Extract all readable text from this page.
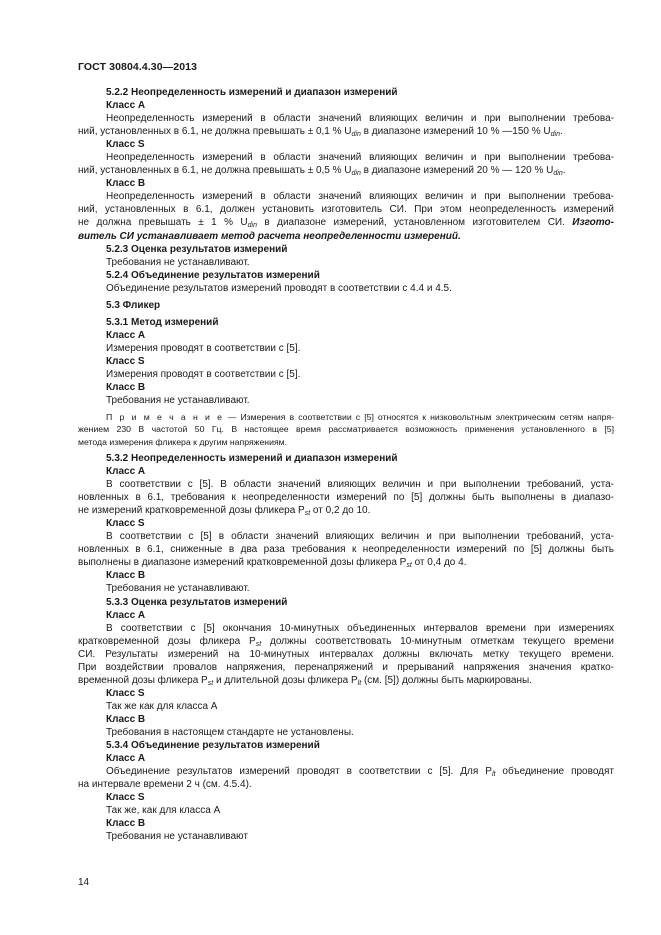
ГОСТ 30804.4.30—2013

5.2.2 Неопределенность измерений и диапазон измерений

Класс А

Неопределенность измерений в области значений влияющих величин и при выполнении требова-

ний, установленных в 6.1, не должна превышать ± 0,1 % $U_{din}$ в диапазоне измерений 10 % —150 % $U_{din}$.

Класс S

Неопределенность измерений в области значений влияющих величин и при выполнении требова-

ний, установленных в 6.1, не должна превышать ± 0,5 % $U_{din}$ в диапазоне измерений 20 % — 120 % $U_{din}$.

Класс В

Неопределенность измерений в области значений влияющих величин и при выполнении требова-

ний, установленных в 6.1, должен установить изготовитель СИ. При этом неопределенность измерений

не должна превышать ± 1 % $U_{din}$ в диапазоне измерений, установленном изготовителем СИ. Изгото-

витель СИ устанавливает метод расчета неопределенности измерений.

5.2.3 Оценка результатов измерений

Требования не устанавливают.

5.2.4 Объединение результатов измерений

Объединение результатов измерений проводят в соответствии с 4.4 и 4.5.

5.3 Фликер

5.3.1 Метод измерений

Класс А

Измерения проводят в соответствии с [5].

Класс S

Измерения проводят в соответствии с [5].

Класс В

Требования не устанавливают.

П р и м е ч а н и е — Измерения в соответствии с [5] относятся к низковольтным электрическим сетям напря-

жением 230 В частотой 50 Гц. В настоящее время рассматривается возможность применения установленного в [5]

метода измерения фликера к другим напряжениям.

5.3.2 Неопределенность измерений и диапазон измерений

Класс А

В соответствии с [5]. В области значений влияющих величин и при выполнении требований, уста-

новленных в 6.1, требования к неопределенности измерений по [5] должны быть выполнены в диапазо-

не измерений кратковременной дозы фликера $P_{st}$ от 0,2 до 10.

Класс S

В соответствии с [5] в области значений влияющих величин и при выполнении требований, уста-

новленных в 6.1, сниженные в два раза требования к неопределенности измерений по [5] должны быть

выполнены в диапазоне измерений кратковременной дозы фликера $P_{st}$ от 0,4 до 4.

Класс В

Требования не устанавливают.

5.3.3 Оценка результатов измерений

Класс А

В соответствии с [5] окончания 10-минутных объединенных интервалов времени при измерениях

кратковременной дозы фликера $P_{st}$ должны соответствовать 10-минутным отметкам текущего времени

СИ. Результаты измерений на 10-минутных интервалах должны включать метку текущего времени.

При воздействии провалов напряжения, перенапряжений и прерываний напряжения значения кратко-

временной дозы фликера $P_{st}$ и длительной дозы фликера $P_{lt}$ (см. [5]) должны быть маркированы.

Класс S

Так же как для класса А

Класс В

Требования в настоящем стандарте не установлены.

5.3.4 Объединение результатов измерений

Класс А

Объединение результатов измерений проводят в соответствии с [5]. Для $P_{lt}$ объединение проводят

на интервале времени 2 ч (см. 4.5.4).

Класс S

Так же, как для класса А

Класс В

Требования не устанавливают

14
